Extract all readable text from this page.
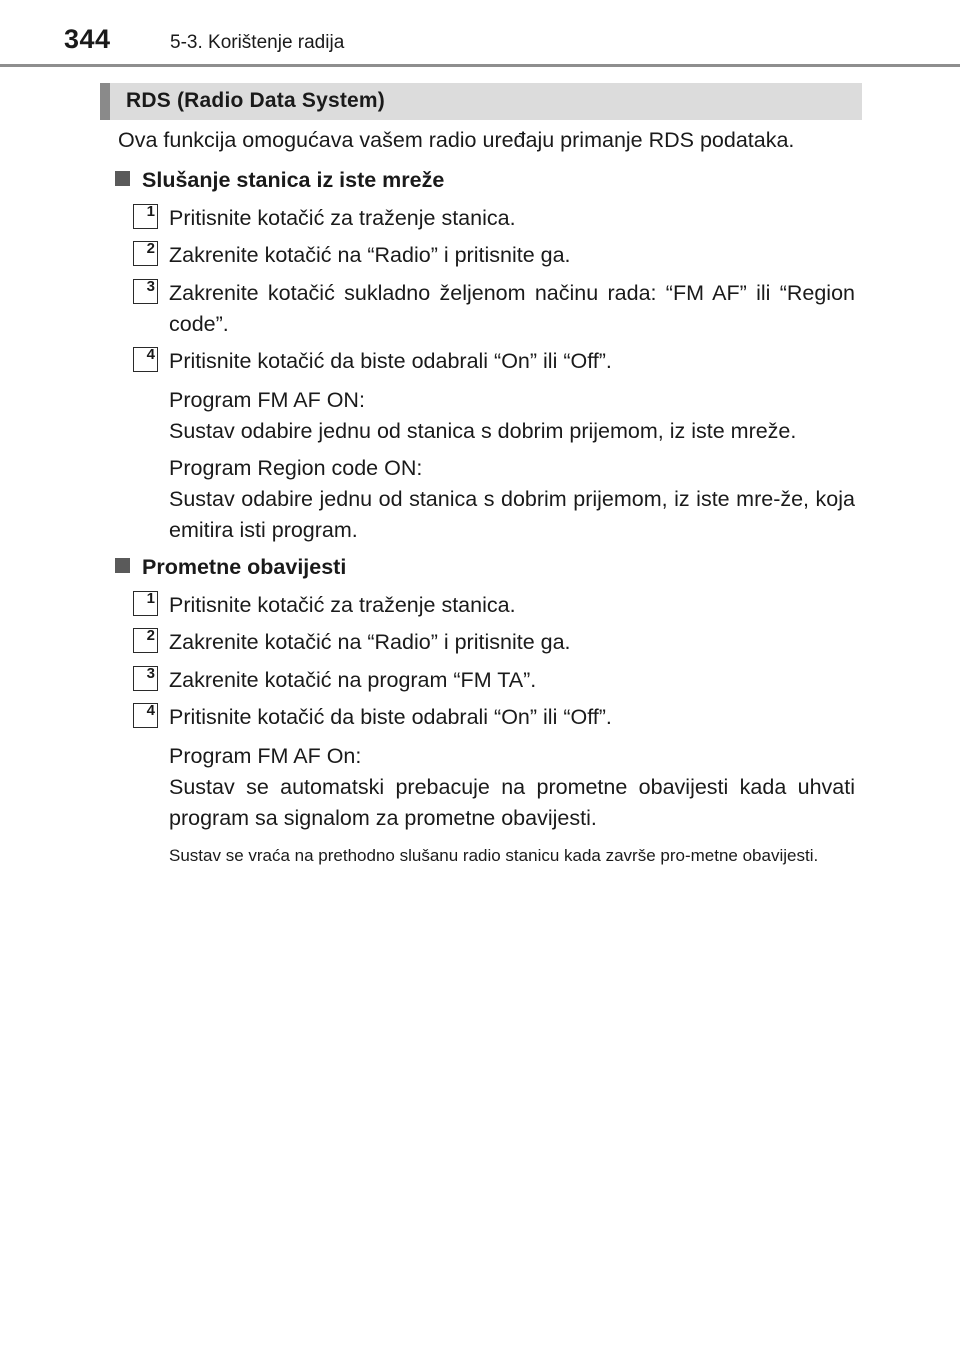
344	5-3. Korištenje radija
RDS (Radio Data System)
Ova funkcija omogućava vašem radio uređaju primanje RDS podataka.
Slušanje stanica iz iste mreže
1 Pritisnite kotačić za traženje stanica.
2 Zakrenite kotačić na “Radio” i pritisnite ga.
3 Zakrenite kotačić sukladno željenom načinu rada: “FM AF” ili “Region code”.
4 Pritisnite kotačić da biste odabrali “On” ili “Off”.
Program FM AF ON:
Sustav odabire jednu od stanica s dobrim prijemom, iz iste mreže.
Program Region code ON:
Sustav odabire jednu od stanica s dobrim prijemom, iz iste mre-že, koja emitira isti program.
Prometne obavijesti
1 Pritisnite kotačić za traženje stanica.
2 Zakrenite kotačić na “Radio” i pritisnite ga.
3 Zakrenite kotačić na program “FM TA”.
4 Pritisnite kotačić da biste odabrali “On” ili “Off”.
Program FM AF On:
Sustav se automatski prebacuje na prometne obavijesti kada uhvati program sa signalom za prometne obavijesti.
Sustav se vraća na prethodno slušanu radio stanicu kada završe pro-metne obavijesti.
